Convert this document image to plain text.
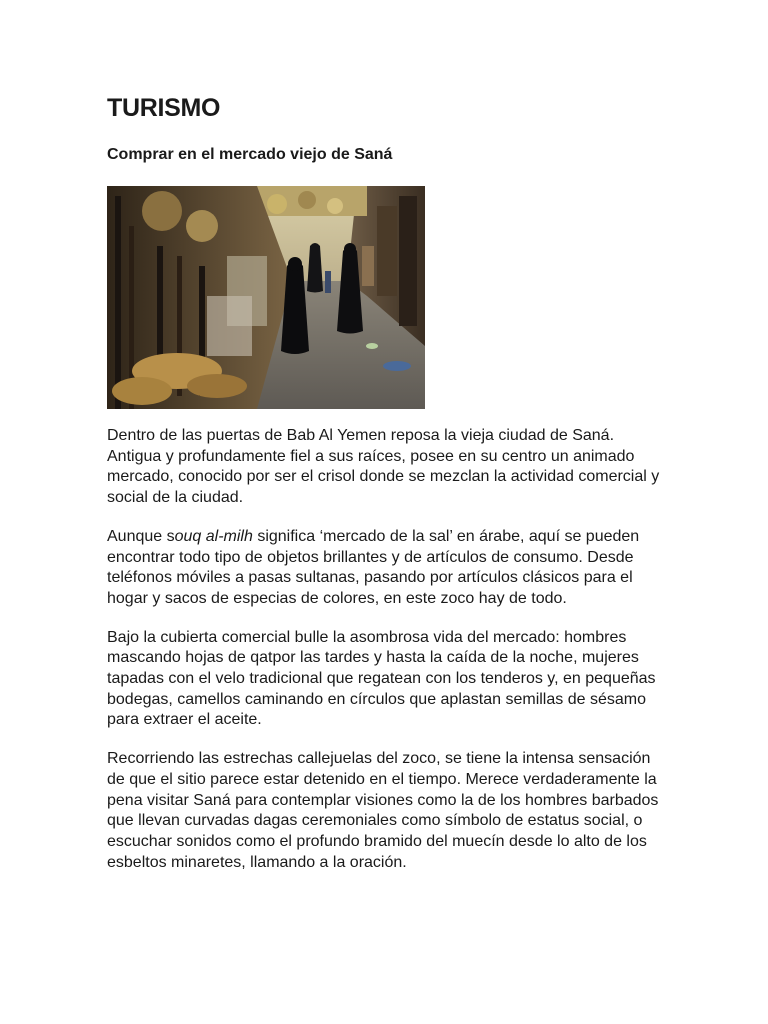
TURISMO
Comprar en el mercado viejo de Saná

Dentro de las puertas de Bab Al Yemen reposa la vieja ciudad de Saná. Antigua y profundamente fiel a sus raíces, posee en su centro un animado mercado, conocido por ser el crisol donde se mezclan la actividad comercial y social de la ciudad.

Aunque souq al-milh significa ‘mercado de la sal’ en árabe, aquí se pueden encontrar todo tipo de objetos brillantes y de artículos de consumo. Desde teléfonos móviles a pasas sultanas, pasando por artículos clásicos para el hogar y sacos de especias de colores, en este zoco hay de todo.

Bajo la cubierta comercial bulle la asombrosa vida del mercado: hombres mascando hojas de qatpor las tardes y hasta la caída de la noche, mujeres tapadas con el velo tradicional que regatean con los tenderos y, en pequeñas bodegas, camellos caminando en círculos que aplastan semillas de sésamo para extraer el aceite.

Recorriendo las estrechas callejuelas del zoco, se tiene la intensa sensación de que el sitio parece estar detenido en el tiempo. Merece verdaderamente la pena visitar Saná para contemplar visiones como la de los hombres barbados que llevan curvadas dagas ceremoniales como símbolo de estatus social, o escuchar sonidos como el profundo bramido del muecín desde lo alto de los esbeltos minaretes, llamando a la oración.
